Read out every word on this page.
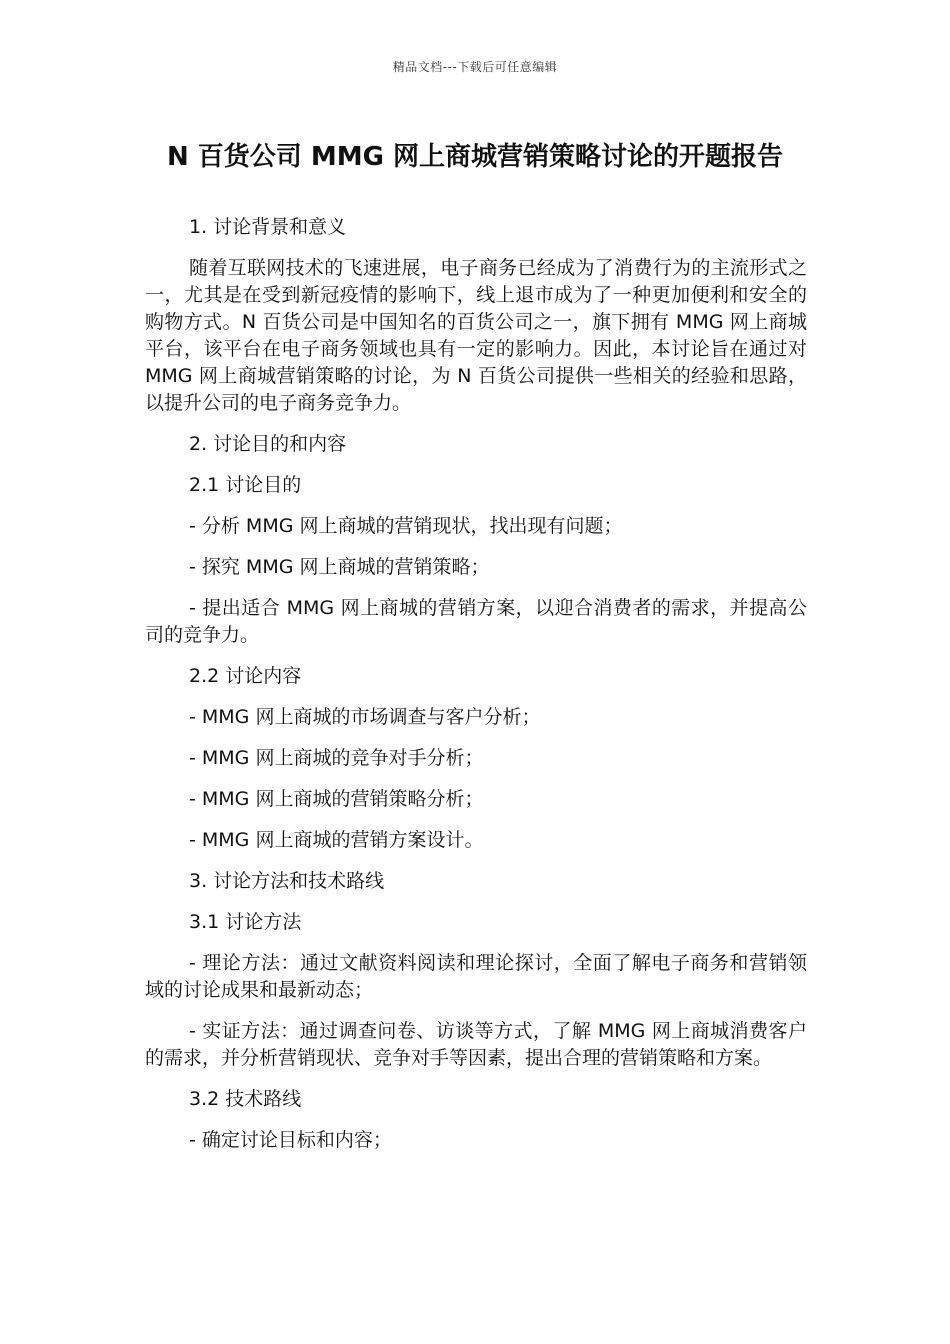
精品文档---下载后可任意编辑
N 百货公司 MMG 网上商城营销策略讨论的开题报告

1. 讨论背景和意义

随着互联网技术的飞速进展，电子商务已经成为了消费行为的主流形式之一，尤其是在受到新冠疫情的影响下，线上退市成为了一种更加便利和安全的购物方式。N 百货公司是中国知名的百货公司之一，旗下拥有 MMG 网上商城平台，该平台在电子商务领域也具有一定的影响力。因此，本讨论旨在通过对 MMG 网上商城营销策略的讨论，为 N 百货公司提供一些相关的经验和思路，以提升公司的电子商务竞争力。

2. 讨论目的和内容

2.1 讨论目的

- 分析 MMG 网上商城的营销现状，找出现有问题；

- 探究 MMG 网上商城的营销策略；

- 提出适合 MMG 网上商城的营销方案，以迎合消费者的需求，并提高公司的竞争力。

2.2 讨论内容

- MMG 网上商城的市场调查与客户分析；

- MMG 网上商城的竞争对手分析；

- MMG 网上商城的营销策略分析；

- MMG 网上商城的营销方案设计。

3. 讨论方法和技术路线

3.1 讨论方法

- 理论方法：通过文献资料阅读和理论探讨，全面了解电子商务和营销领域的讨论成果和最新动态；

- 实证方法：通过调查问卷、访谈等方式，了解 MMG 网上商城消费客户的需求，并分析营销现状、竞争对手等因素，提出合理的营销策略和方案。

3.2 技术路线

- 确定讨论目标和内容；
